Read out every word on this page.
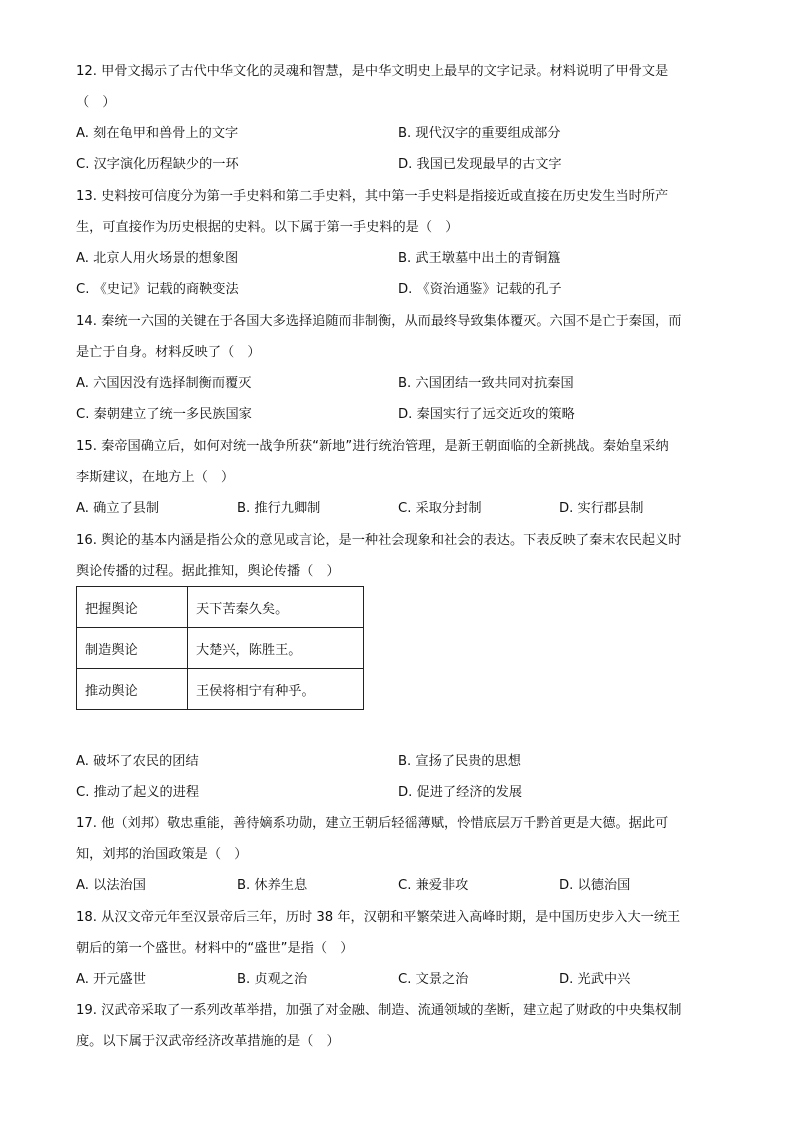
12. 甲骨文揭示了古代中华文化的灵魂和智慧，是中华文明史上最早的文字记录。材料说明了甲骨文是
（　）
A. 刻在龟甲和兽骨上的文字	B. 现代汉字的重要组成部分
C. 汉字演化历程缺少的一环	D. 我国已发现最早的古文字
13. 史料按可信度分为第一手史料和第二手史料，其中第一手史料是指接近或直接在历史发生当时所产
生，可直接作为历史根据的史料。以下属于第一手史料的是（　）
A. 北京人用火场景的想象图	B. 武王墩墓中出土的青铜簋
C. 《史记》记载的商鞅变法	D. 《资治通鉴》记载的孔子
14. 秦统一六国的关键在于各国大多选择追随而非制衡，从而最终导致集体覆灭。六国不是亡于秦国，而
是亡于自身。材料反映了（　）
A. 六国因没有选择制衡而覆灭	B. 六国团结一致共同对抗秦国
C. 秦朝建立了统一多民族国家	D. 秦国实行了远交近攻的策略
15. 秦帝国确立后，如何对统一战争所获“新地”进行统治管理，是新王朝面临的全新挑战。秦始皇采纳
李斯建议，在地方上（　）
A. 确立了县制	B. 推行九卿制	C. 采取分封制	D. 实行郡县制
16. 舆论的基本内涵是指公众的意见或言论，是一种社会现象和社会的表达。下表反映了秦末农民起义时
舆论传播的过程。据此推知，舆论传播（　）
把握舆论	天下苦秦久矣。
制造舆论	大楚兴，陈胜王。
推动舆论	王侯将相宁有种乎。
A. 破坏了农民的团结	B. 宣扬了民贵的思想
C. 推动了起义的进程	D. 促进了经济的发展
17. 他（刘邦）敬忠重能，善待嫡系功勋，建立王朝后轻徭薄赋，怜惜底层万千黔首更是大德。据此可
知，刘邦的治国政策是（　）
A. 以法治国	B. 休养生息	C. 兼爱非攻	D. 以德治国
18. 从汉文帝元年至汉景帝后三年，历时 38 年，汉朝和平繁荣进入高峰时期，是中国历史步入大一统王
朝后的第一个盛世。材料中的“盛世”是指（　）
A. 开元盛世	B. 贞观之治	C. 文景之治	D. 光武中兴
19. 汉武帝采取了一系列改革举措，加强了对金融、制造、流通领域的垄断，建立起了财政的中央集权制
度。以下属于汉武帝经济改革措施的是（　）
